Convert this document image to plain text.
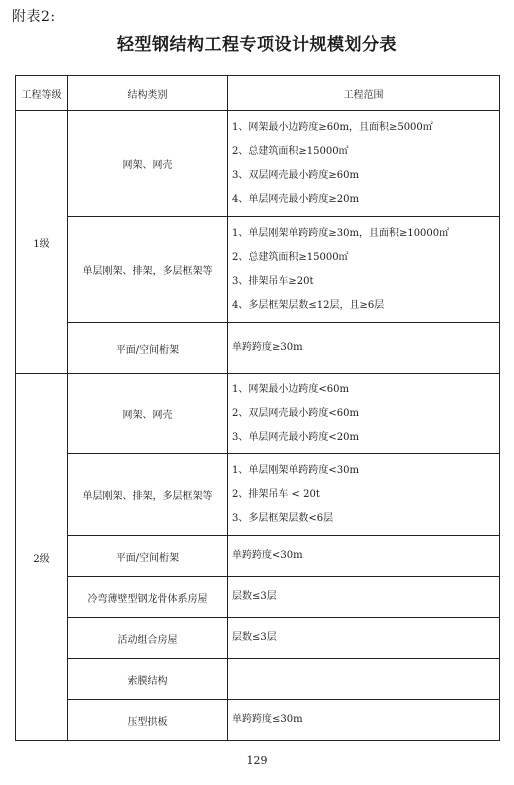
附表2:
轻型钢结构工程专项设计规模划分表
工程等级	结构类别	工程范围
1级	网架、网壳	1、网架最小边跨度≥60m，且面积≥5000㎡
2、总建筑面积≥15000㎡
3、双层网壳最小跨度≥60m
4、单层网壳最小跨度≥20m

	单层刚架、排架，多层框架等	1、单层刚架单跨跨度≥30m，且面积≥10000㎡
2、总建筑面积≥15000㎡
3、排架吊车≥20t
4、多层框架层数≤12层，且≥6层

	平面/空间桁架	单跨跨度≥30m

2级	网架、网壳	1、网架最小边跨度<60m
2、双层网壳最小跨度<60m
3、单层网壳最小跨度<20m

	单层刚架、排架，多层框架等	1、单层刚架单跨跨度<30m
2、排架吊车 < 20t
3、多层框架层数<6层

	平面/空间桁架	单跨跨度<30m

	冷弯薄壁型钢龙骨体系房屋	层数≤3层

	活动组合房屋	层数≤3层

	索膜结构	
	压型拱板	单跨跨度≤30m
129
